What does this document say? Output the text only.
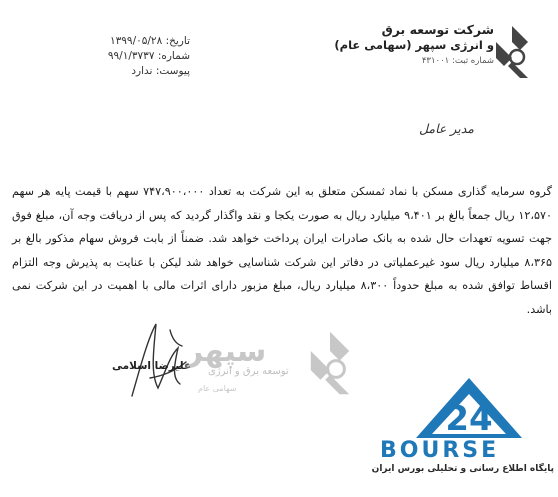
تاریخ: ۱۳۹۹/۰۵/۲۸
شماره: ۹۹/۱/۳۷۳۷
پیوست: ندارد
شرکت توسعه برق
و انرژی سپهر (سهامی عام)
شماره ثبت: ۴۳۱۰۰۱
مدیر عامل
گروه سرمایه گذاری مسکن با نماد ثمسکن متعلق به این شرکت به تعداد ۷۴۷،۹۰۰،۰۰۰ سهم با قیمت پایه هر سهم ۱۲،۵۷۰ ریال جمعاً بالغ بر ۹،۴۰۱ میلیارد ریال به صورت یکجا و نقد واگذار گردید که پس از دریافت وجه آن، مبلغ فوق جهت تسویه تعهدات حال شده به بانک صادرات ایران پرداخت خواهد شد. ضمناً از بابت فروش سهام مذکور بالغ بر ۸،۳۶۵ میلیارد ریال سود غیرعملیاتی در دفاتر این شرکت شناسایی خواهد شد لیکن با عنایت به پذیرش وجه التزام اقساط توافق شده به مبلغ حدوداً ۸،۳۰۰ میلیارد ریال، مبلغ مزبور دارای اثرات مالی با اهمیت در این شرکت نمی باشد.
علیرضا اسلامی
سپهر
توسعه برق و انرژی
سهامی عام
24
BOURSE
پایگاه اطلاع رسانی و تحلیلی بورس ایران
